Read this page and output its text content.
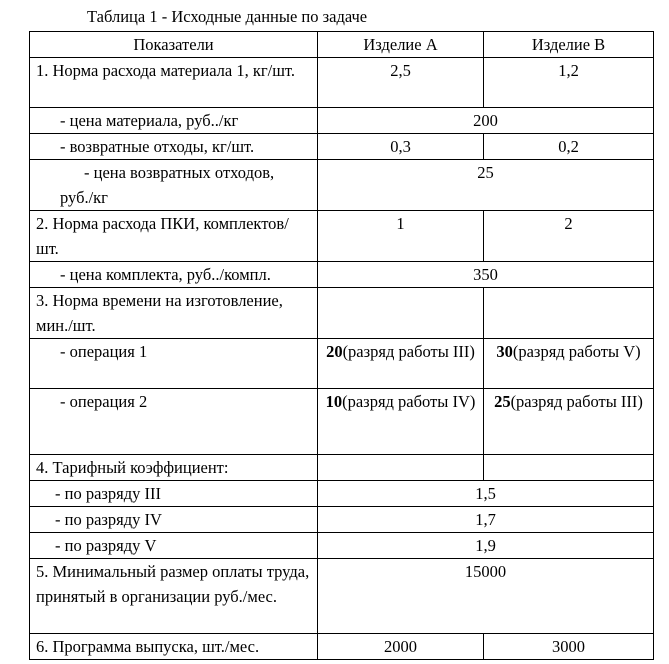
Таблица 1 - Исходные данные по задаче
Показатели	Изделие А	Изделие В
1. Норма расхода материала 1, кг/шт.	2,5	1,2
- цена материала, руб../кг	200	
- возвратные отходы, кг/шт.	0,3	0,2
- цена возвратных отходов, руб./кг	25	
2. Норма расхода ПКИ, комплектов/шт.	1	2
- цена комплекта, руб../компл.	350	
3. Норма времени на изготовление, мин./шт.		
- операция 1	20(разряд работы III)	30(разряд работы V)
- операция 2	10(разряд работы IV)	25(разряд работы III)
4. Тарифный коэффициент:		
- по разряду III	1,5	
- по разряду IV	1,7	
- по разряду V	1,9	
5. Минимальный размер оплаты труда, принятый в организации руб./мес.	15000	
6. Программа выпуска, шт./мес.	2000	3000
